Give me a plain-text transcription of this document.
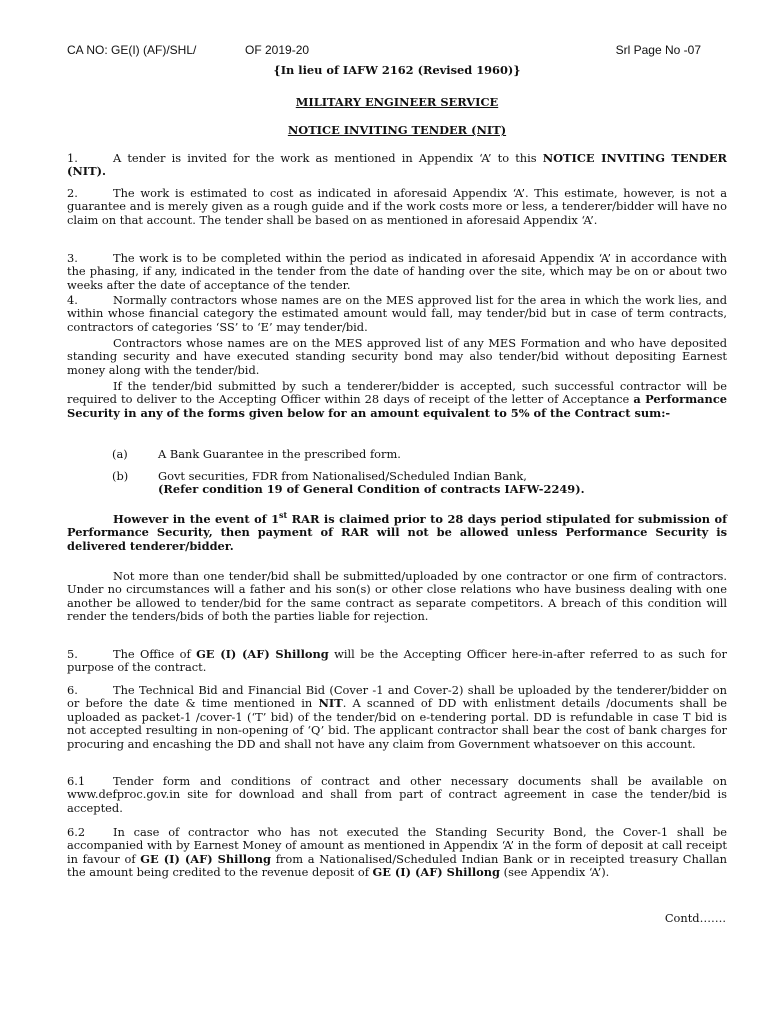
CA NO: GE(I) (AF)/SHL/	OF 2019-20	Srl Page No -07
{In lieu of IAFW 2162 (Revised 1960)}
MILITARY ENGINEER SERVICE
NOTICE INVITING TENDER (NIT)
1.	A tender is invited for the work as mentioned in Appendix ‘A’ to this NOTICE INVITING TENDER (NIT).
2.	The work is estimated to cost as indicated in aforesaid Appendix ‘A’. This estimate, however, is not a guarantee and is merely given as a rough guide and if the work costs more or less, a tenderer/bidder will have no claim on that account. The tender shall be based on as mentioned in aforesaid Appendix ‘A’.
3.	The work is to be completed within the period as indicated in aforesaid Appendix ‘A’ in accordance with the phasing, if any, indicated in the tender from the date of handing over the site, which may be on or about two weeks after the date of acceptance of the tender.
4.	Normally contractors whose names are on the MES approved list for the area in which the work lies, and within whose financial category the estimated amount would fall, may tender/bid but in case of term contracts, contractors of categories ‘SS’ to ‘E’ may tender/bid.
Contractors whose names are on the MES approved list of any MES Formation and who have deposited standing security and have executed standing security bond may also tender/bid without depositing Earnest money along with the tender/bid.
If the tender/bid submitted by such a tenderer/bidder is accepted, such successful contractor will be required to deliver to the Accepting Officer within 28 days of receipt of the letter of Acceptance a Performance Security in any of the forms given below for an amount equivalent to 5% of the Contract sum:-
(a)	A Bank Guarantee in the prescribed form.
(b)	Govt securities, FDR from Nationalised/Scheduled Indian Bank,
(Refer condition 19 of General Condition of contracts IAFW-2249).
However in the event of 1st RAR is claimed prior to 28 days period stipulated for submission of Performance Security, then payment of RAR will not be allowed unless Performance Security is delivered tenderer/bidder.
Not more than one tender/bid shall be submitted/uploaded by one contractor or one firm of contractors. Under no circumstances will a father and his son(s) or other close relations who have business dealing with one another be allowed to tender/bid for the same contract as separate competitors. A breach of this condition will render the tenders/bids of both the parties liable for rejection.
5.	The Office of GE (I) (AF) Shillong will be the Accepting Officer here-in-after referred to as such for purpose of the contract.
6.	The Technical Bid and Financial Bid (Cover -1 and Cover-2) shall be uploaded by the tenderer/bidder on or before the date & time mentioned in NIT. A scanned of DD with enlistment details /documents shall be uploaded as packet-1 /cover-1 (‘T’ bid) of the tender/bid on e-tendering portal. DD is refundable in case T bid is not accepted resulting in non-opening of ‘Q’ bid. The applicant contractor shall bear the cost of bank charges for procuring and encashing the DD and shall not have any claim from Government whatsoever on this account.
6.1 Tender form and conditions of contract and other necessary documents shall be available on www.defproc.gov.in site for download and shall from part of contract agreement in case the tender/bid is accepted.
6.2 In case of contractor who has not executed the Standing Security Bond, the Cover-1 shall be accompanied with by Earnest Money of amount as mentioned in Appendix ‘A’ in the form of deposit at call receipt in favour of GE (I) (AF) Shillong from a Nationalised/Scheduled Indian Bank or in receipted treasury Challan the amount being credited to the revenue deposit of GE (I) (AF) Shillong (see Appendix ‘A’).
Contd…….
